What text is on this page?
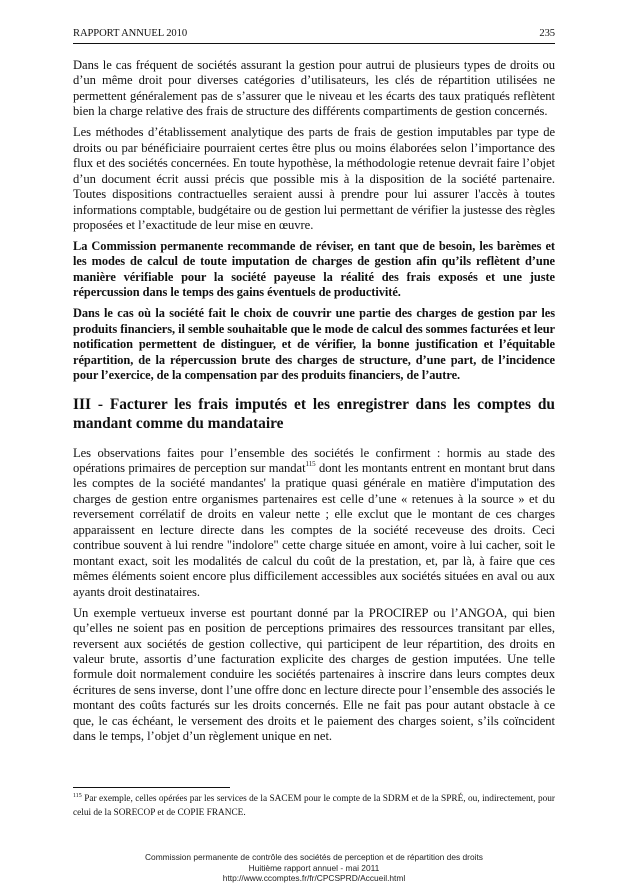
RAPPORT ANNUEL 2010	235

Dans le cas fréquent de sociétés assurant la gestion pour autrui de plusieurs types de droits ou d’un même droit pour diverses catégories d’utilisateurs, les clés de répartition utilisées ne permettent généralement pas de s’assurer que le niveau et les écarts des taux pratiqués reflètent bien la charge relative des frais de structure des différents compartiments de gestion concernés.

Les méthodes d’établissement analytique des parts de frais de gestion imputables par type de droits ou par bénéficiaire pourraient certes être plus ou moins élaborées selon l’importance des flux et des sociétés concernées. En toute hypothèse, la méthodologie retenue devrait faire l’objet d’un document écrit aussi précis que possible mis à la disposition de la société partenaire. Toutes dispositions contractuelles seraient aussi à prendre pour lui assurer l'accès à toutes informations comptable, budgétaire ou de gestion lui permettant de vérifier la justesse des règles proposées et l’exactitude de leur mise en œuvre.

La Commission permanente recommande de réviser, en tant que de besoin, les barèmes et les modes de calcul de toute imputation de charges de gestion afin qu’ils reflètent d’une manière vérifiable pour la société payeuse la réalité des frais exposés et une juste répercussion dans le temps des gains éventuels de productivité.

Dans le cas où la société fait le choix de couvrir une partie des charges de gestion par les produits financiers, il semble souhaitable que le mode de calcul des sommes facturées et leur notification permettent de distinguer, et de vérifier, la bonne justification et l’équitable répartition, de la répercussion brute des charges de structure, d’une part, de l’incidence pour l’exercice, de la compensation par des produits financiers, de l’autre.

III - Facturer les frais imputés et les enregistrer dans les comptes du mandant comme du mandataire

Les observations faites pour l’ensemble des sociétés le confirment : hormis au stade des opérations primaires de perception sur mandat$^{115}$ dont les montants entrent en montant brut dans les comptes de la société mandantes' la pratique quasi générale en matière d'imputation des charges de gestion entre organismes partenaires est celle d’une « retenues à la source » et du reversement corrélatif de droits en valeur nette ; elle exclut que le montant de ces charges apparaissent en lecture directe dans les comptes de la société receveuse des droits. Ceci contribue souvent à lui rendre "indolore" cette charge située en amont, voire à lui cacher, soit le montant exact, soit les modalités de calcul du coût de la prestation, et, par là, à faire que ces mêmes éléments soient encore plus difficilement accessibles aux sociétés situées en aval ou aux ayants droit destinataires.

Un exemple vertueux inverse est pourtant donné par la PROCIREP ou l’ANGOA, qui bien qu’elles ne soient pas en position de perceptions primaires des ressources transitant par elles, reversent aux sociétés de gestion collective, qui participent de leur répartition, des droits en valeur brute, assortis d’une facturation explicite des charges de gestion imputées. Une telle formule doit normalement conduire les sociétés partenaires à inscrire dans leurs comptes deux écritures de sens inverse, dont l’une offre donc en lecture directe pour l’ensemble des associés le montant des coûts facturés sur les droits concernés. Elle ne fait pas pour autant obstacle à ce que, le cas échéant, le versement des droits et le paiement des charges soient, s’ils coïncident dans le temps, l’objet d’un règlement unique en net.

$^{115}$ Par exemple, celles opérées par les services de la SACEM pour le compte de la SDRM et de la SPRÉ, ou, indirectement, pour celui de la SORECOP et de COPIE FRANCE.
Commission permanente de contrôle des sociétés de perception et de répartition des droits
Huitième rapport annuel - mai 2011
http://www.ccomptes.fr/fr/CPCSPRD/Accueil.html
